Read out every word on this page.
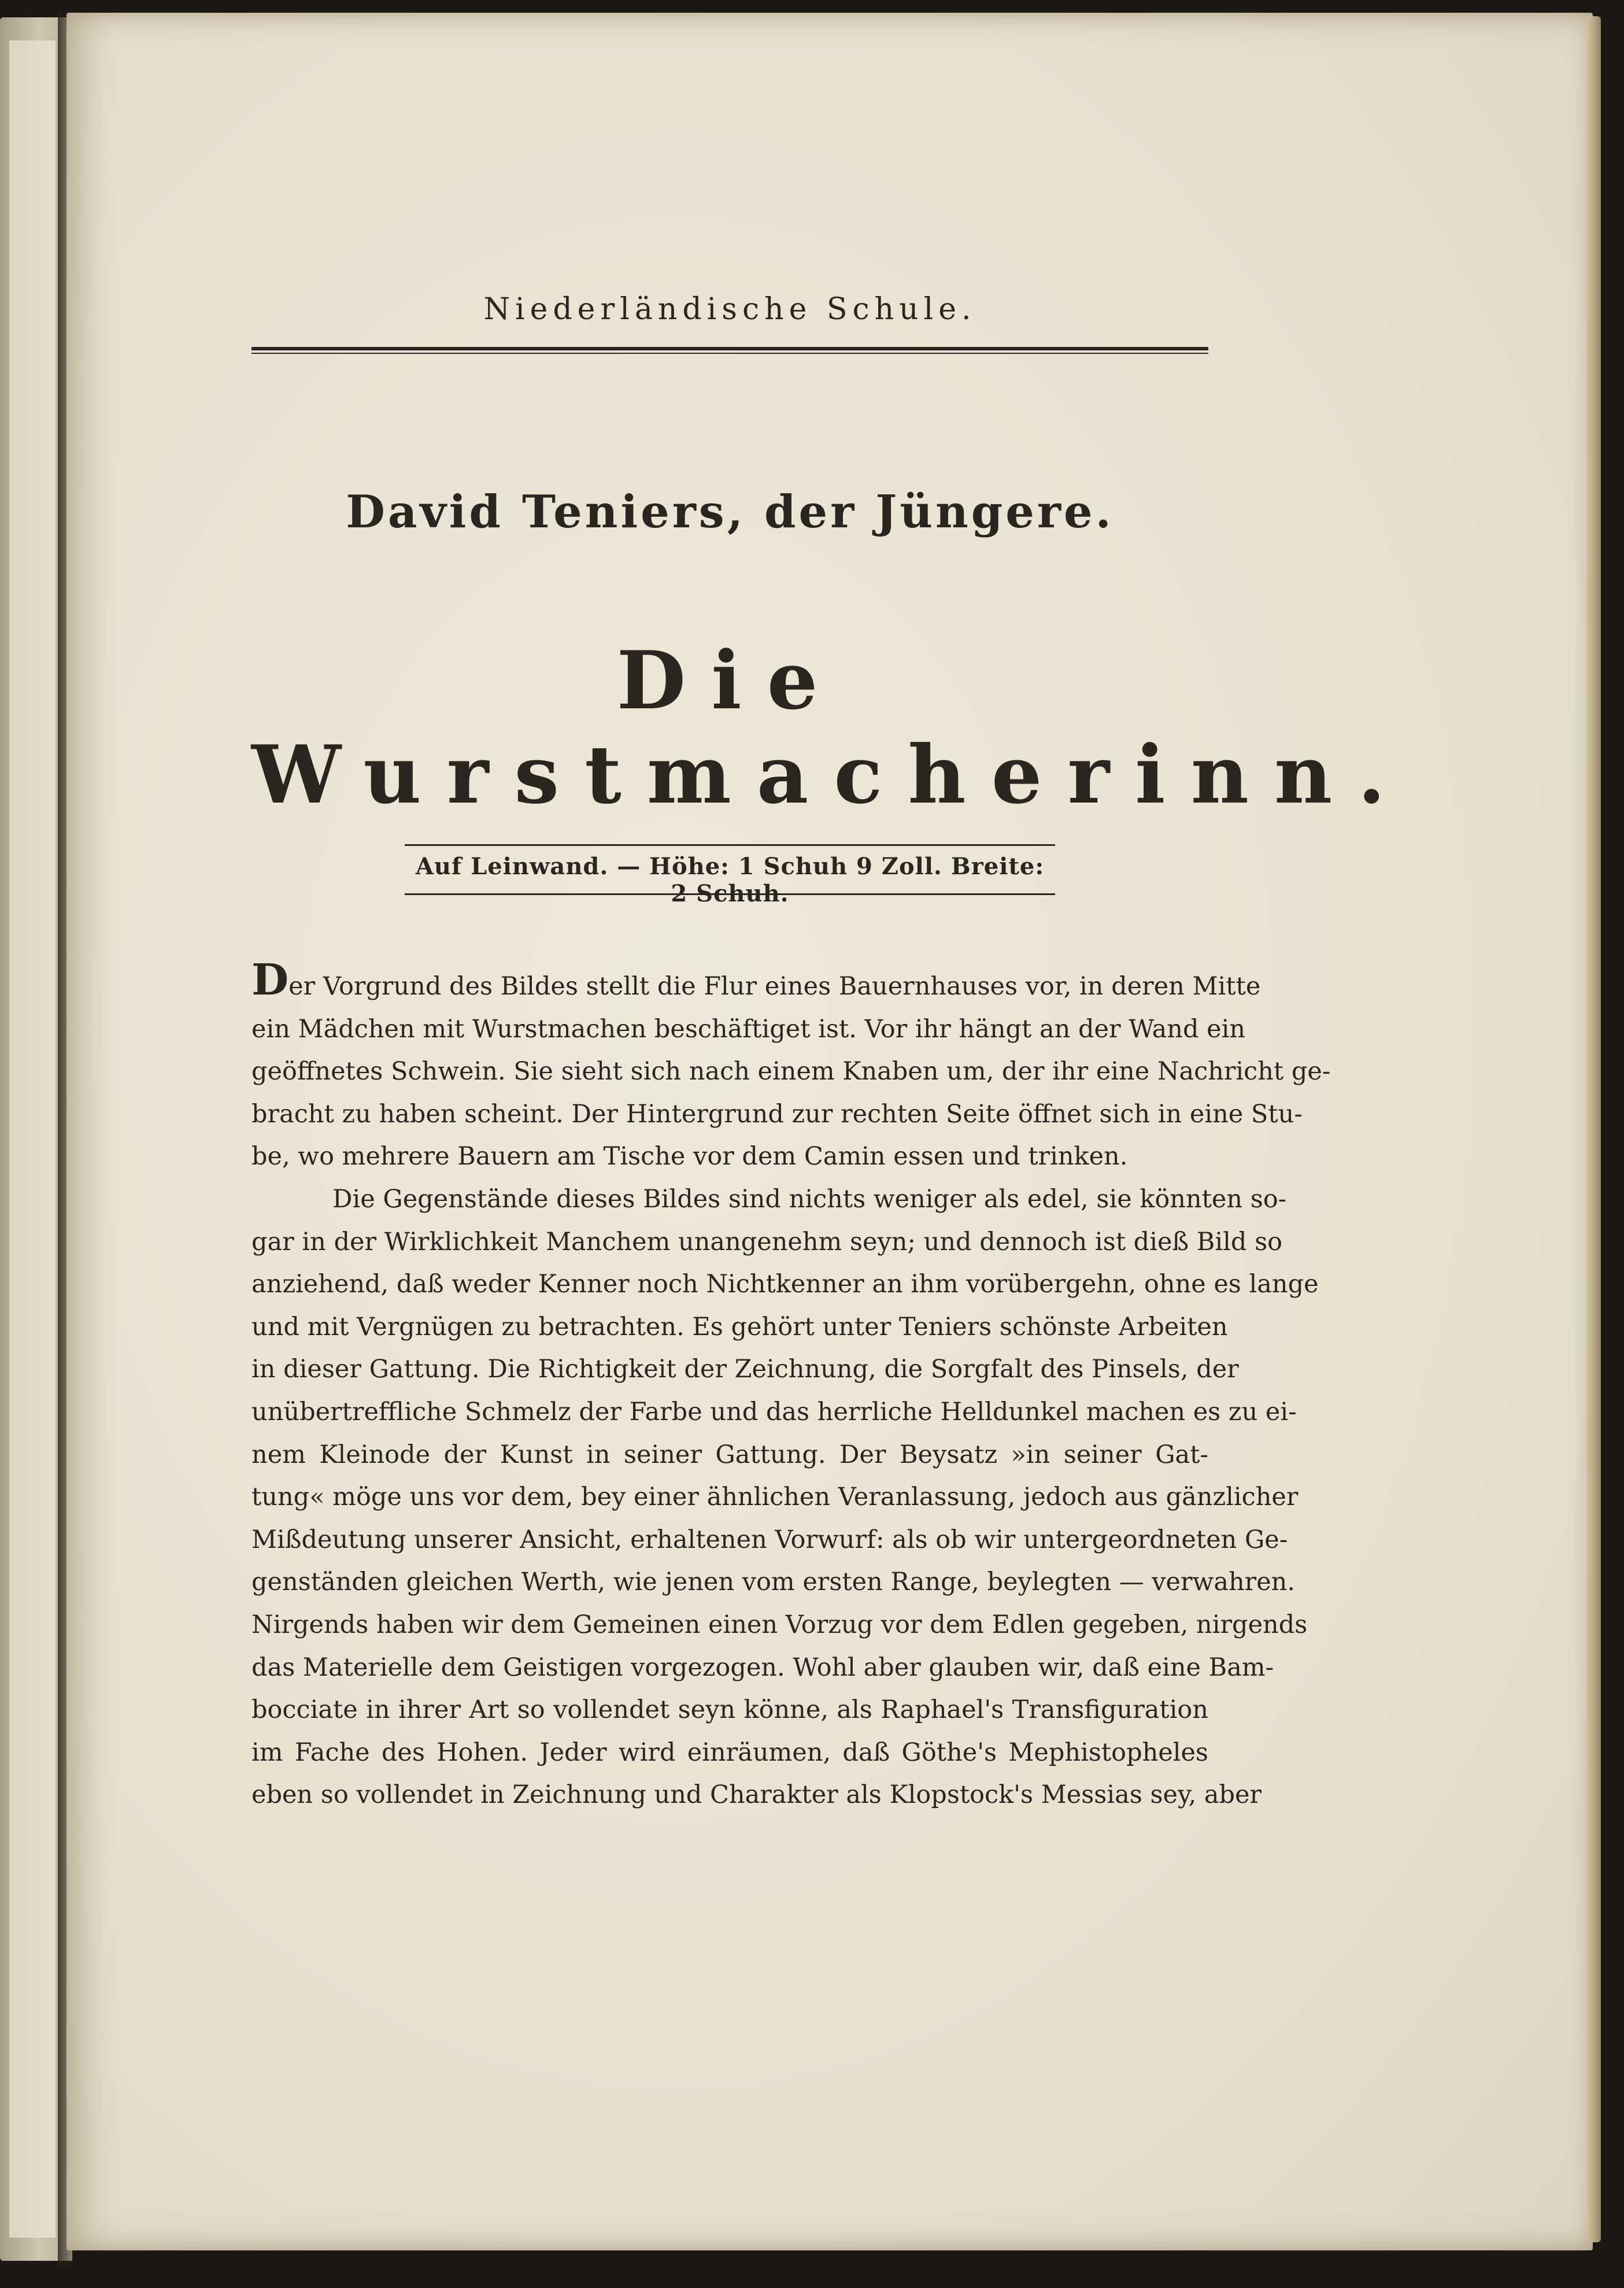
Niederländische Schule.
David Teniers, der Jüngere.
Die Wurstmacherinn.
Auf Leinwand. — Höhe: 1 Schuh 9 Zoll. Breite: 2 Schuh.
Der Vorgrund des Bildes stellt die Flur eines Bauernhauses vor, in deren Mitte
ein Mädchen mit Wurstmachen beschäftiget ist. Vor ihr hängt an der Wand ein
geöffnetes Schwein. Sie sieht sich nach einem Knaben um, der ihr eine Nachricht ge-
bracht zu haben scheint. Der Hintergrund zur rechten Seite öffnet sich in eine Stu-
be, wo mehrere Bauern am Tische vor dem Camin essen und trinken.
Die Gegenstände dieses Bildes sind nichts weniger als edel, sie könnten so-
gar in der Wirklichkeit Manchem unangenehm seyn; und dennoch ist dieß Bild so
anziehend, daß weder Kenner noch Nichtkenner an ihm vorübergehn, ohne es lange
und mit Vergnügen zu betrachten. Es gehört unter Teniers schönste Arbeiten
in dieser Gattung. Die Richtigkeit der Zeichnung, die Sorgfalt des Pinsels, der
unübertreffliche Schmelz der Farbe und das herrliche Helldunkel machen es zu ei-
nem Kleinode der Kunst in seiner Gattung. Der Beysatz »in seiner Gat-
tung« möge uns vor dem, bey einer ähnlichen Veranlassung, jedoch aus gänzlicher
Mißdeutung unserer Ansicht, erhaltenen Vorwurf: als ob wir untergeordneten Ge-
genständen gleichen Werth, wie jenen vom ersten Range, beylegten — verwahren.
Nirgends haben wir dem Gemeinen einen Vorzug vor dem Edlen gegeben, nirgends
das Materielle dem Geistigen vorgezogen. Wohl aber glauben wir, daß eine Bam-
bocciate in ihrer Art so vollendet seyn könne, als Raphael's Transfiguration
im Fache des Hohen. Jeder wird einräumen, daß Göthe's Mephistopheles
eben so vollendet in Zeichnung und Charakter als Klopstock's Messias sey, aber
